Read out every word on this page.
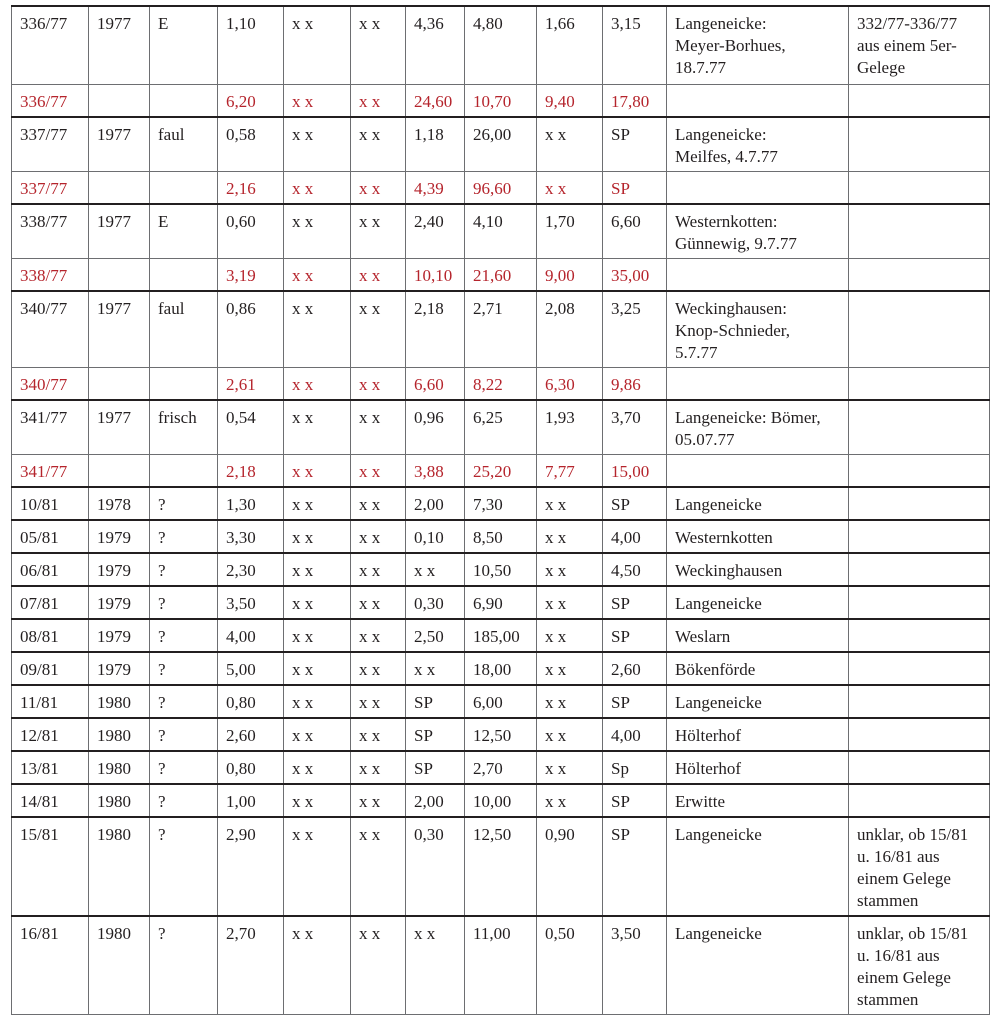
336/77	1977	E	1,10	x x	x x	4,36	4,80	1,66	3,15	Langeneicke:
Meyer-Borhues,
18.7.77	332/77-336/77
aus einem 5er-
Gelege
336/77			6,20	x x	x x	24,60	10,70	9,40	17,80		
337/77	1977	faul	0,58	x x	x x	1,18	26,00	x x	SP	Langeneicke:
Meilfes, 4.7.77	
337/77			2,16	x x	x x	4,39	96,60	x x	SP		
338/77	1977	E	0,60	x x	x x	2,40	4,10	1,70	6,60	Westernkotten:
Günnewig, 9.7.77	
338/77			3,19	x x	x x	10,10	21,60	9,00	35,00		
340/77	1977	faul	0,86	x x	x x	2,18	2,71	2,08	3,25	Weckinghausen:
Knop-Schnieder,
5.7.77	
340/77			2,61	x x	x x	6,60	8,22	6,30	9,86		
341/77	1977	frisch	0,54	x x	x x	0,96	6,25	1,93	3,70	Langeneicke: Bömer,
05.07.77	
341/77			2,18	x x	x x	3,88	25,20	7,77	15,00		
10/81	1978	?	1,30	x x	x x	2,00	7,30	x x	SP	Langeneicke	
05/81	1979	?	3,30	x x	x x	0,10	8,50	x x	4,00	Westernkotten	
06/81	1979	?	2,30	x x	x x	x x	10,50	x x	4,50	Weckinghausen	
07/81	1979	?	3,50	x x	x x	0,30	6,90	x x	SP	Langeneicke	
08/81	1979	?	4,00	x x	x x	2,50	185,00	x x	SP	Weslarn	
09/81	1979	?	5,00	x x	x x	x x	18,00	x x	2,60	Bökenförde	
11/81	1980	?	0,80	x x	x x	SP	6,00	x x	SP	Langeneicke	
12/81	1980	?	2,60	x x	x x	SP	12,50	x x	4,00	Hölterhof	
13/81	1980	?	0,80	x x	x x	SP	2,70	x x	Sp	Hölterhof	
14/81	1980	?	1,00	x x	x x	2,00	10,00	x x	SP	Erwitte	
15/81	1980	?	2,90	x x	x x	0,30	12,50	0,90	SP	Langeneicke	unklar, ob 15/81
u. 16/81 aus
einem Gelege
stammen
16/81	1980	?	2,70	x x	x x	x x	11,00	0,50	3,50	Langeneicke	unklar, ob 15/81
u. 16/81 aus
einem Gelege
stammen
